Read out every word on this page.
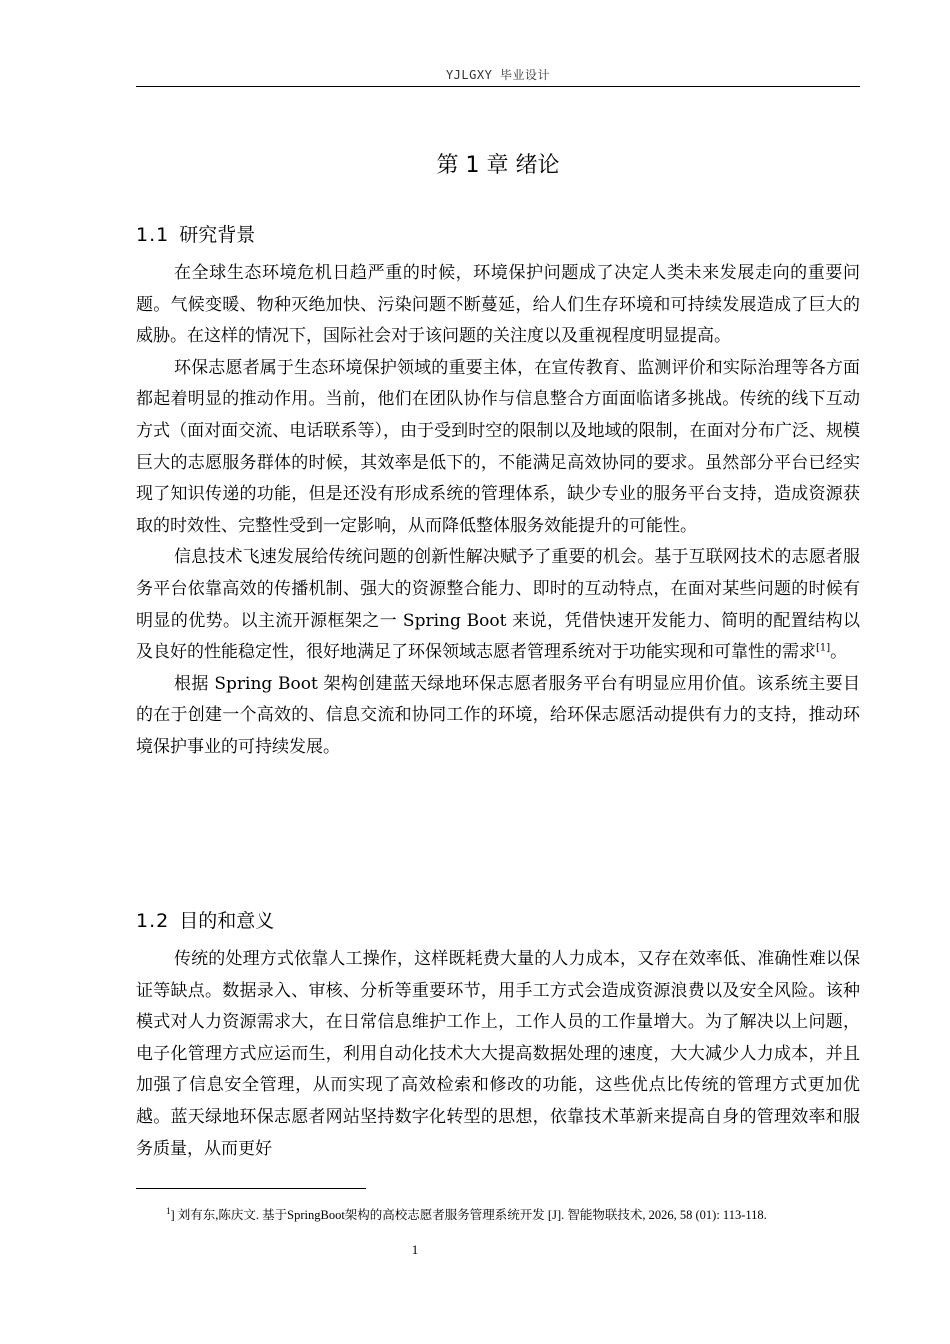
YJLGXY 毕业设计
第 1 章 绪论
1.1 研究背景

在全球生态环境危机日趋严重的时候，环境保护问题成了决定人类未来发展走向的重要问题。气候变暖、物种灭绝加快、污染问题不断蔓延，给人们生存环境和可持续发展造成了巨大的威胁。在这样的情况下，国际社会对于该问题的关注度以及重视程度明显提高。

环保志愿者属于生态环境保护领域的重要主体，在宣传教育、监测评价和实际治理等各方面都起着明显的推动作用。当前，他们在团队协作与信息整合方面面临诸多挑战。传统的线下互动方式（面对面交流、电话联系等），由于受到时空的限制以及地域的限制，在面对分布广泛、规模巨大的志愿服务群体的时候，其效率是低下的，不能满足高效协同的要求。虽然部分平台已经实现了知识传递的功能，但是还没有形成系统的管理体系，缺少专业的服务平台支持，造成资源获取的时效性、完整性受到一定影响，从而降低整体服务效能提升的可能性。

信息技术飞速发展给传统问题的创新性解决赋予了重要的机会。基于互联网技术的志愿者服务平台依靠高效的传播机制、强大的资源整合能力、即时的互动特点，在面对某些问题的时候有明显的优势。以主流开源框架之一 Spring Boot 来说，凭借快速开发能力、简明的配置结构以及良好的性能稳定性，很好地满足了环保领域志愿者管理系统对于功能实现和可靠性的需求[1]。

根据 Spring Boot 架构创建蓝天绿地环保志愿者服务平台有明显应用价值。该系统主要目的在于创建一个高效的、信息交流和协同工作的环境，给环保志愿活动提供有力的支持，推动环境保护事业的可持续发展。

1.2 目的和意义

传统的处理方式依靠人工操作，这样既耗费大量的人力成本，又存在效率低、准确性难以保证等缺点。数据录入、审核、分析等重要环节，用手工方式会造成资源浪费以及安全风险。该种模式对人力资源需求大，在日常信息维护工作上，工作人员的工作量增大。为了解决以上问题，电子化管理方式应运而生，利用自动化技术大大提高数据处理的速度，大大减少人力成本，并且加强了信息安全管理，从而实现了高效检索和修改的功能，这些优点比传统的管理方式更加优越。蓝天绿地环保志愿者网站坚持数字化转型的思想，依靠技术革新来提高自身的管理效率和服务质量，从而更好

$^1$] 刘有东,陈庆文. 基于SpringBoot架构的高校志愿者服务管理系统开发 [J]. 智能物联技术, 2026, 58 (01): 113-118.
1
